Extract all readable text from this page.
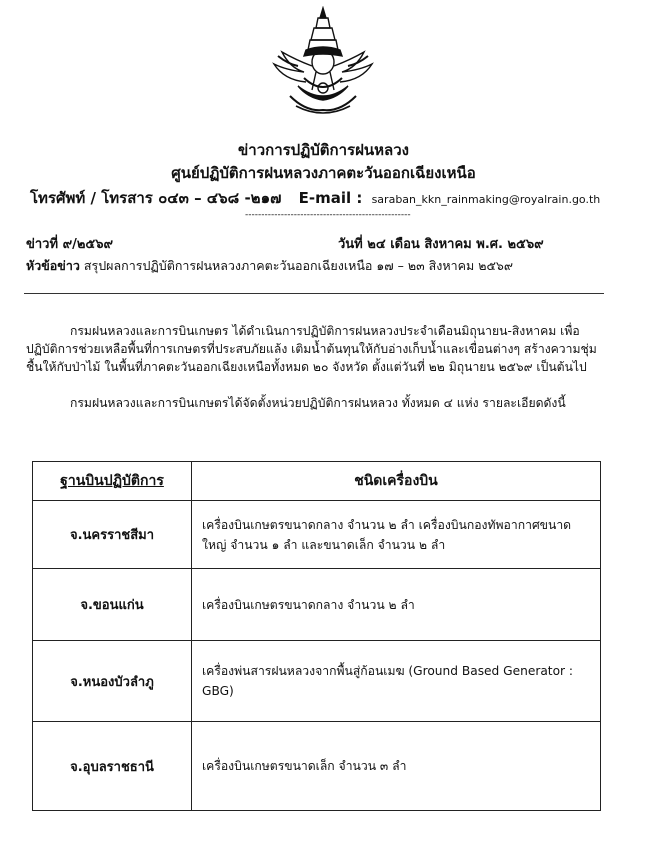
ข่าวการปฏิบัติการฝนหลวง
ศูนย์ปฏิบัติการฝนหลวงภาคตะวันออกเฉียงเหนือ
โทรศัพท์ / โทรสาร ๐๔๓ – ๔๖๘ -๒๑๗ E-mail : saraban_kkn_rainmaking@royalrain.go.th
---------------------------------------------------
ข่าวที่ ๙/๒๕๖๙	วันที่ ๒๔ เดือน สิงหาคม พ.ศ. ๒๕๖๙
หัวข้อข่าว สรุปผลการปฏิบัติการฝนหลวงภาคตะวันออกเฉียงเหนือ ๑๗ – ๒๓ สิงหาคม ๒๕๖๙
กรมฝนหลวงและการบินเกษตร ได้ดำเนินการปฏิบัติการฝนหลวงประจำเดือนมิถุนายน-สิงหาคม เพื่อปฏิบัติการช่วยเหลือพื้นที่การเกษตรที่ประสบภัยแล้ง เติมน้ำต้นทุนให้กับอ่างเก็บน้ำและเขื่อนต่างๆ สร้างความชุ่มชื้นให้กับป่าไม้ ในพื้นที่ภาคตะวันออกเฉียงเหนือทั้งหมด ๒๐ จังหวัด ตั้งแต่วันที่ ๒๒ มิถุนายน ๒๕๖๙ เป็นต้นไป
กรมฝนหลวงและการบินเกษตรได้จัดตั้งหน่วยปฏิบัติการฝนหลวง ทั้งหมด ๔ แห่ง รายละเอียดดังนี้
ฐานบินปฏิบัติการ	ชนิดเครื่องบิน
จ.นครราชสีมา	เครื่องบินเกษตรขนาดกลาง จำนวน ๒ ลำ เครื่องบินกองทัพอากาศขนาดใหญ่ จำนวน ๑ ลำ และขนาดเล็ก จำนวน ๒ ลำ
จ.ขอนแก่น	เครื่องบินเกษตรขนาดกลาง จำนวน ๒ ลำ
จ.หนองบัวลำภู	เครื่องพ่นสารฝนหลวงจากพื้นสู่ก้อนเมฆ (Ground Based Generator : GBG)
จ.อุบลราชธานี	เครื่องบินเกษตรขนาดเล็ก จำนวน ๓ ลำ
